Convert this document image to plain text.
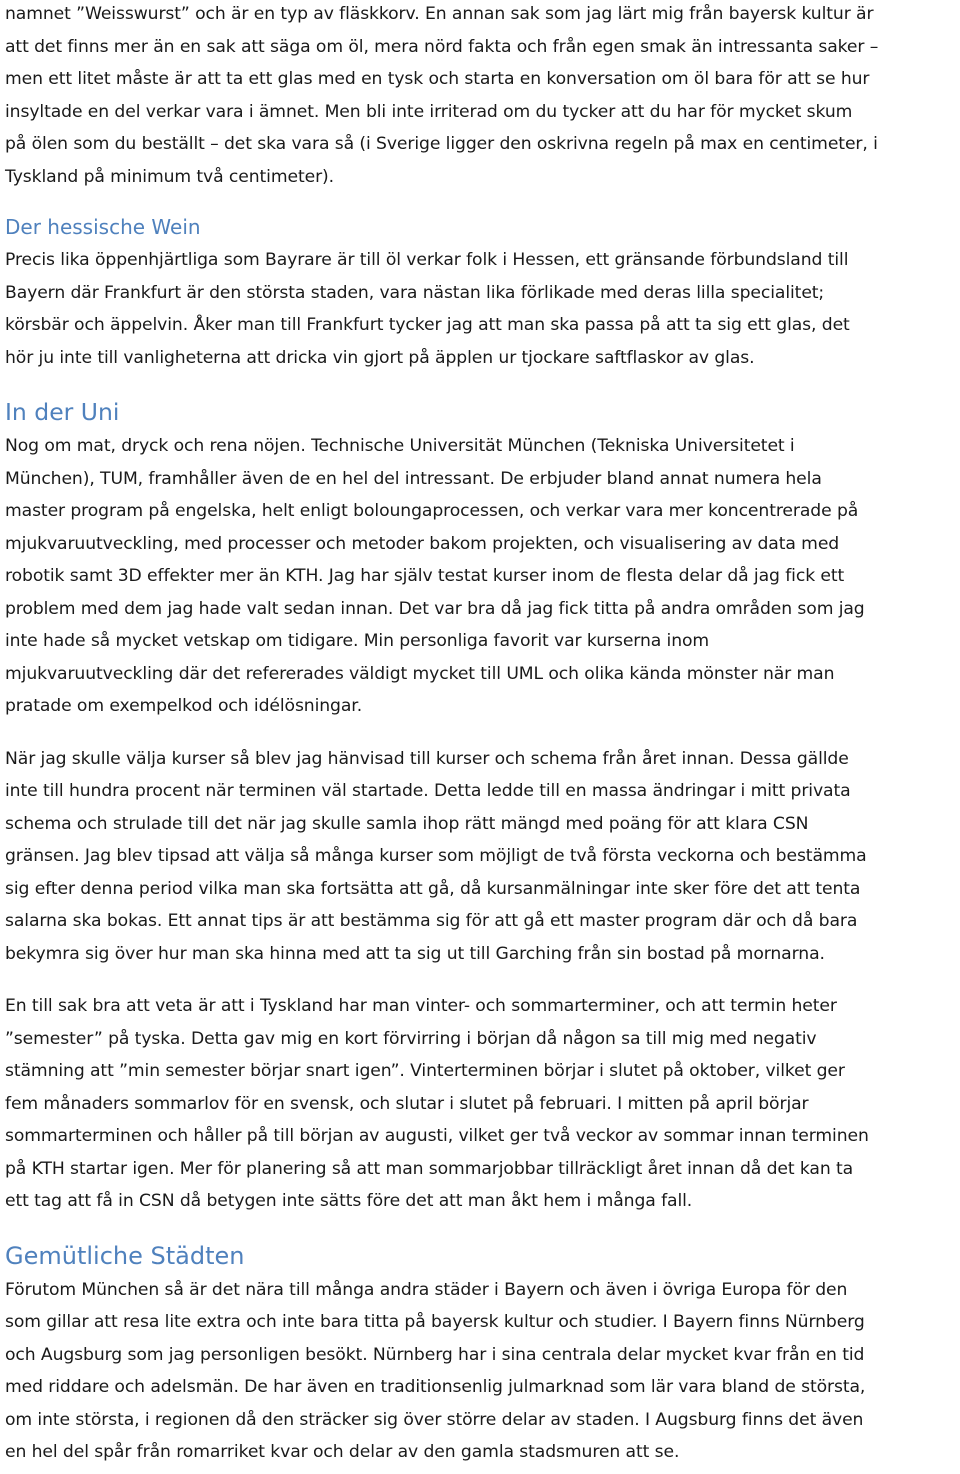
namnet ”Weisswurst” och är en typ av fläskkorv. En annan sak som jag lärt mig från bayersk kultur är
att det finns mer än en sak att säga om öl, mera nörd fakta och från egen smak än intressanta saker –
men ett litet måste är att ta ett glas med en tysk och starta en konversation om öl bara för att se hur
insyltade en del verkar vara i ämnet. Men bli inte irriterad om du tycker att du har för mycket skum
på ölen som du beställt – det ska vara så (i Sverige ligger den oskrivna regeln på max en centimeter, i
Tyskland på minimum två centimeter).
Der hessische Wein
Precis lika öppenhjärtliga som Bayrare är till öl verkar folk i Hessen, ett gränsande förbundsland till
Bayern där Frankfurt är den största staden, vara nästan lika förlikade med deras lilla specialitet;
körsbär och äppelvin. Åker man till Frankfurt tycker jag att man ska passa på att ta sig ett glas, det
hör ju inte till vanligheterna att dricka vin gjort på äpplen ur tjockare saftflaskor av glas.
In der Uni
Nog om mat, dryck och rena nöjen. Technische Universität München (Tekniska Universitetet i
München), TUM, framhåller även de en hel del intressant. De erbjuder bland annat numera hela
master program på engelska, helt enligt boloungaprocessen, och verkar vara mer koncentrerade på
mjukvaruutveckling, med processer och metoder bakom projekten, och visualisering av data med
robotik samt 3D effekter mer än KTH. Jag har själv testat kurser inom de flesta delar då jag fick ett
problem med dem jag hade valt sedan innan. Det var bra då jag fick titta på andra områden som jag
inte hade så mycket vetskap om tidigare. Min personliga favorit var kurserna inom
mjukvaruutveckling där det refererades väldigt mycket till UML och olika kända mönster när man
pratade om exempelkod och idélösningar.
När jag skulle välja kurser så blev jag hänvisad till kurser och schema från året innan. Dessa gällde
inte till hundra procent när terminen väl startade. Detta ledde till en massa ändringar i mitt privata
schema och strulade till det när jag skulle samla ihop rätt mängd med poäng för att klara CSN
gränsen. Jag blev tipsad att välja så många kurser som möjligt de två första veckorna och bestämma
sig efter denna period vilka man ska fortsätta att gå, då kursanmälningar inte sker före det att tenta
salarna ska bokas. Ett annat tips är att bestämma sig för att gå ett master program där och då bara
bekymra sig över hur man ska hinna med att ta sig ut till Garching från sin bostad på mornarna.
En till sak bra att veta är att i Tyskland har man vinter- och sommarterminer, och att termin heter
”semester” på tyska. Detta gav mig en kort förvirring i början då någon sa till mig med negativ
stämning att ”min semester börjar snart igen”. Vinterterminen börjar i slutet på oktober, vilket ger
fem månaders sommarlov för en svensk, och slutar i slutet på februari. I mitten på april börjar
sommarterminen och håller på till början av augusti, vilket ger två veckor av sommar innan terminen
på KTH startar igen. Mer för planering så att man sommarjobbar tillräckligt året innan då det kan ta
ett tag att få in CSN då betygen inte sätts före det att man åkt hem i många fall.
Gemütliche Städten
Förutom München så är det nära till många andra städer i Bayern och även i övriga Europa för den
som gillar att resa lite extra och inte bara titta på bayersk kultur och studier. I Bayern finns Nürnberg
och Augsburg som jag personligen besökt. Nürnberg har i sina centrala delar mycket kvar från en tid
med riddare och adelsmän. De har även en traditionsenlig julmarknad som lär vara bland de största,
om inte största, i regionen då den sträcker sig över större delar av staden. I Augsburg finns det även
en hel del spår från romarriket kvar och delar av den gamla stadsmuren att se.
